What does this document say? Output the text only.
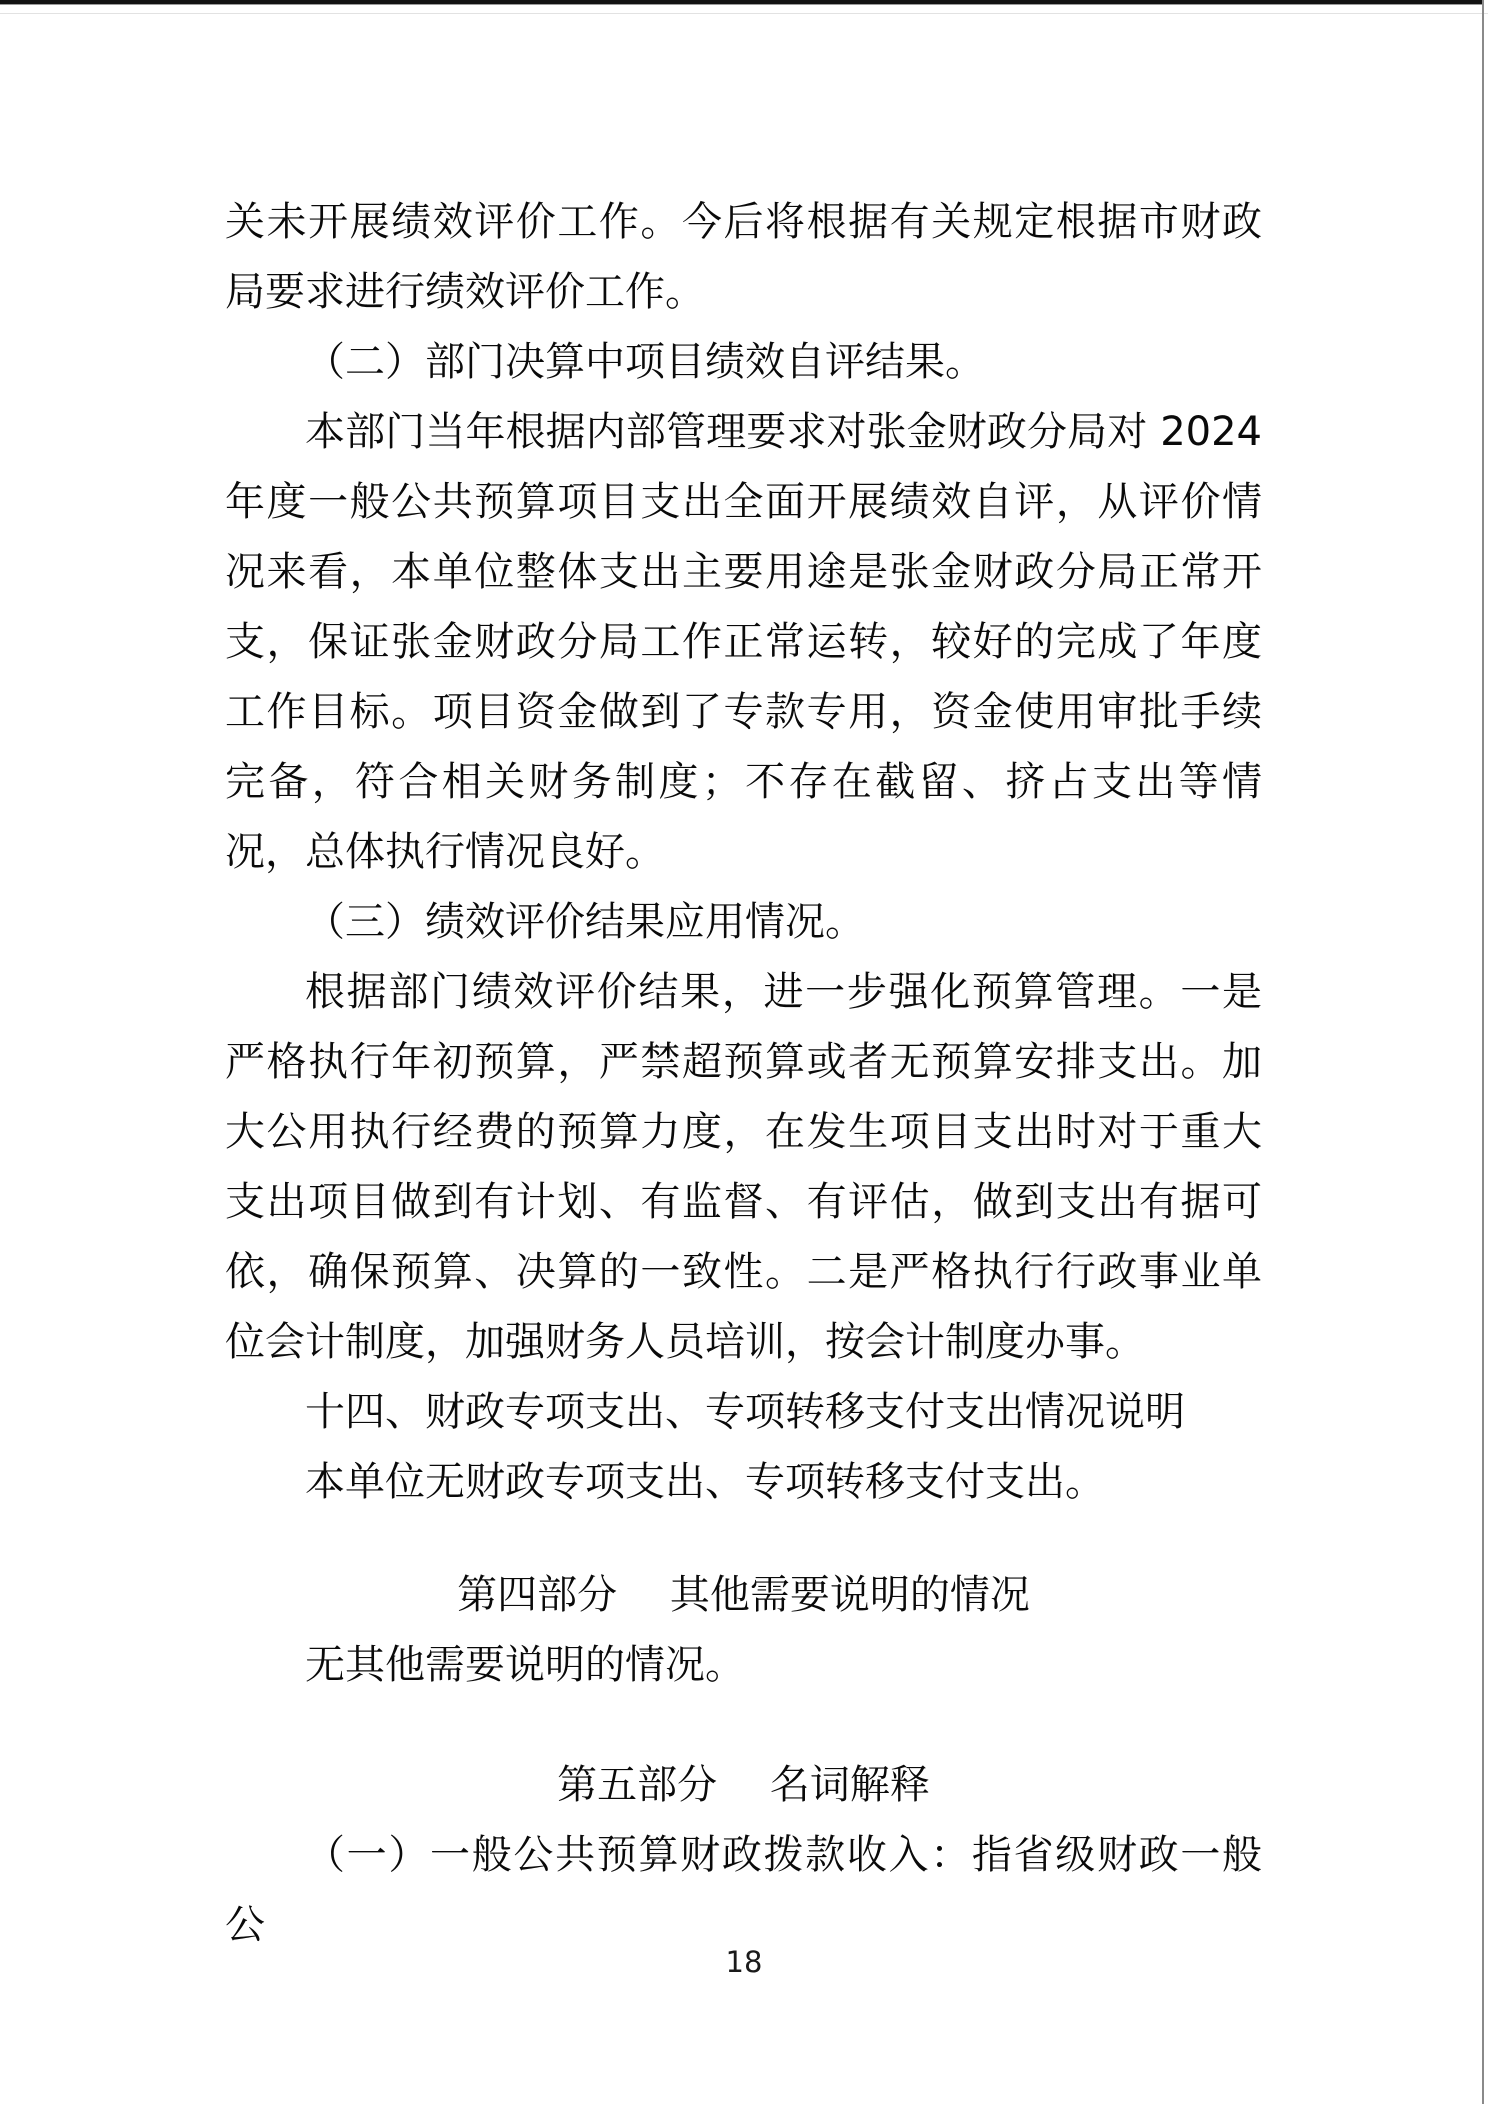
关未开展绩效评价工作。今后将根据有关规定根据市财政局要求进行绩效评价工作。

（二）部门决算中项目绩效自评结果。

本部门当年根据内部管理要求对张金财政分局对 2024 年度一般公共预算项目支出全面开展绩效自评，从评价情况来看，本单位整体支出主要用途是张金财政分局正常开支，保证张金财政分局工作正常运转，较好的完成了年度工作目标。项目资金做到了专款专用，资金使用审批手续完备，符合相关财务制度；不存在截留、挤占支出等情况，总体执行情况良好。

（三）绩效评价结果应用情况。

根据部门绩效评价结果，进一步强化预算管理。一是严格执行年初预算，严禁超预算或者无预算安排支出。加大公用执行经费的预算力度，在发生项目支出时对于重大支出项目做到有计划、有监督、有评估，做到支出有据可依，确保预算、决算的一致性。二是严格执行行政事业单位会计制度，加强财务人员培训，按会计制度办事。

十四、财政专项支出、专项转移支付支出情况说明

本单位无财政专项支出、专项转移支付支出。

第四部分　 其他需要说明的情况

无其他需要说明的情况。

第五部分　 名词解释

（一）一般公共预算财政拨款收入：指省级财政一般公

18
